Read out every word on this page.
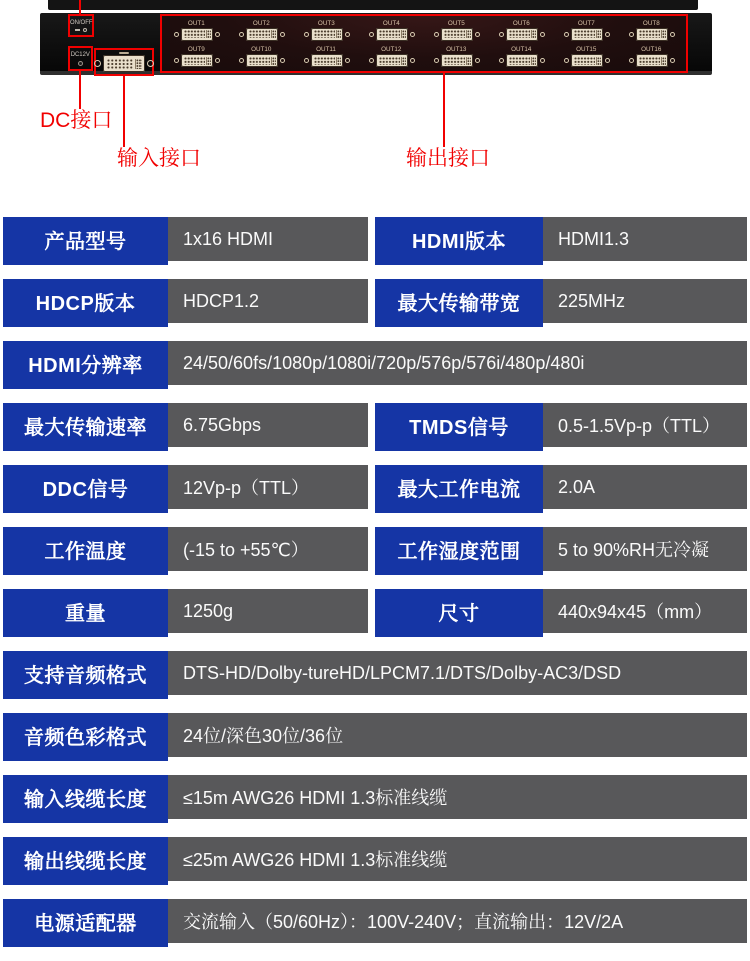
ON/OFF
DC12V
DC接口
输入接口
OUT1	OUT2	OUT3	OUT4	OUT5	OUT6	OUT7	OUT8
OUT9	OUT10	OUT11	OUT12	OUT13	OUT14	OUT15	OUT16
输出接口
产品型号	1x16 HDMI	HDMI版本	HDMI1.3
HDCP版本	HDCP1.2	最大传输带宽	225MHz
HDMI分辨率	24/50/60fs/1080p/1080i/720p/576p/576i/480p/480i
最大传输速率	6.75Gbps	TMDS信号	0.5-1.5Vp-p（TTL）
DDC信号	12Vp-p（TTL）	最大工作电流	2.0A
工作温度	(-15 to +55℃）	工作湿度范围	5 to 90%RH无冷凝
重量	1250g	尺寸	440x94x45（mm）
支持音频格式	DTS-HD/Dolby-tureHD/LPCM7.1/DTS/Dolby-AC3/DSD
音频色彩格式	24位/深色30位/36位
输入线缆长度	≤15m AWG26 HDMI 1.3标准线缆
输出线缆长度	≤25m AWG26 HDMI 1.3标准线缆
电源适配器	交流输入（50/60Hz）：100V-240V；直流输出：12V/2A
